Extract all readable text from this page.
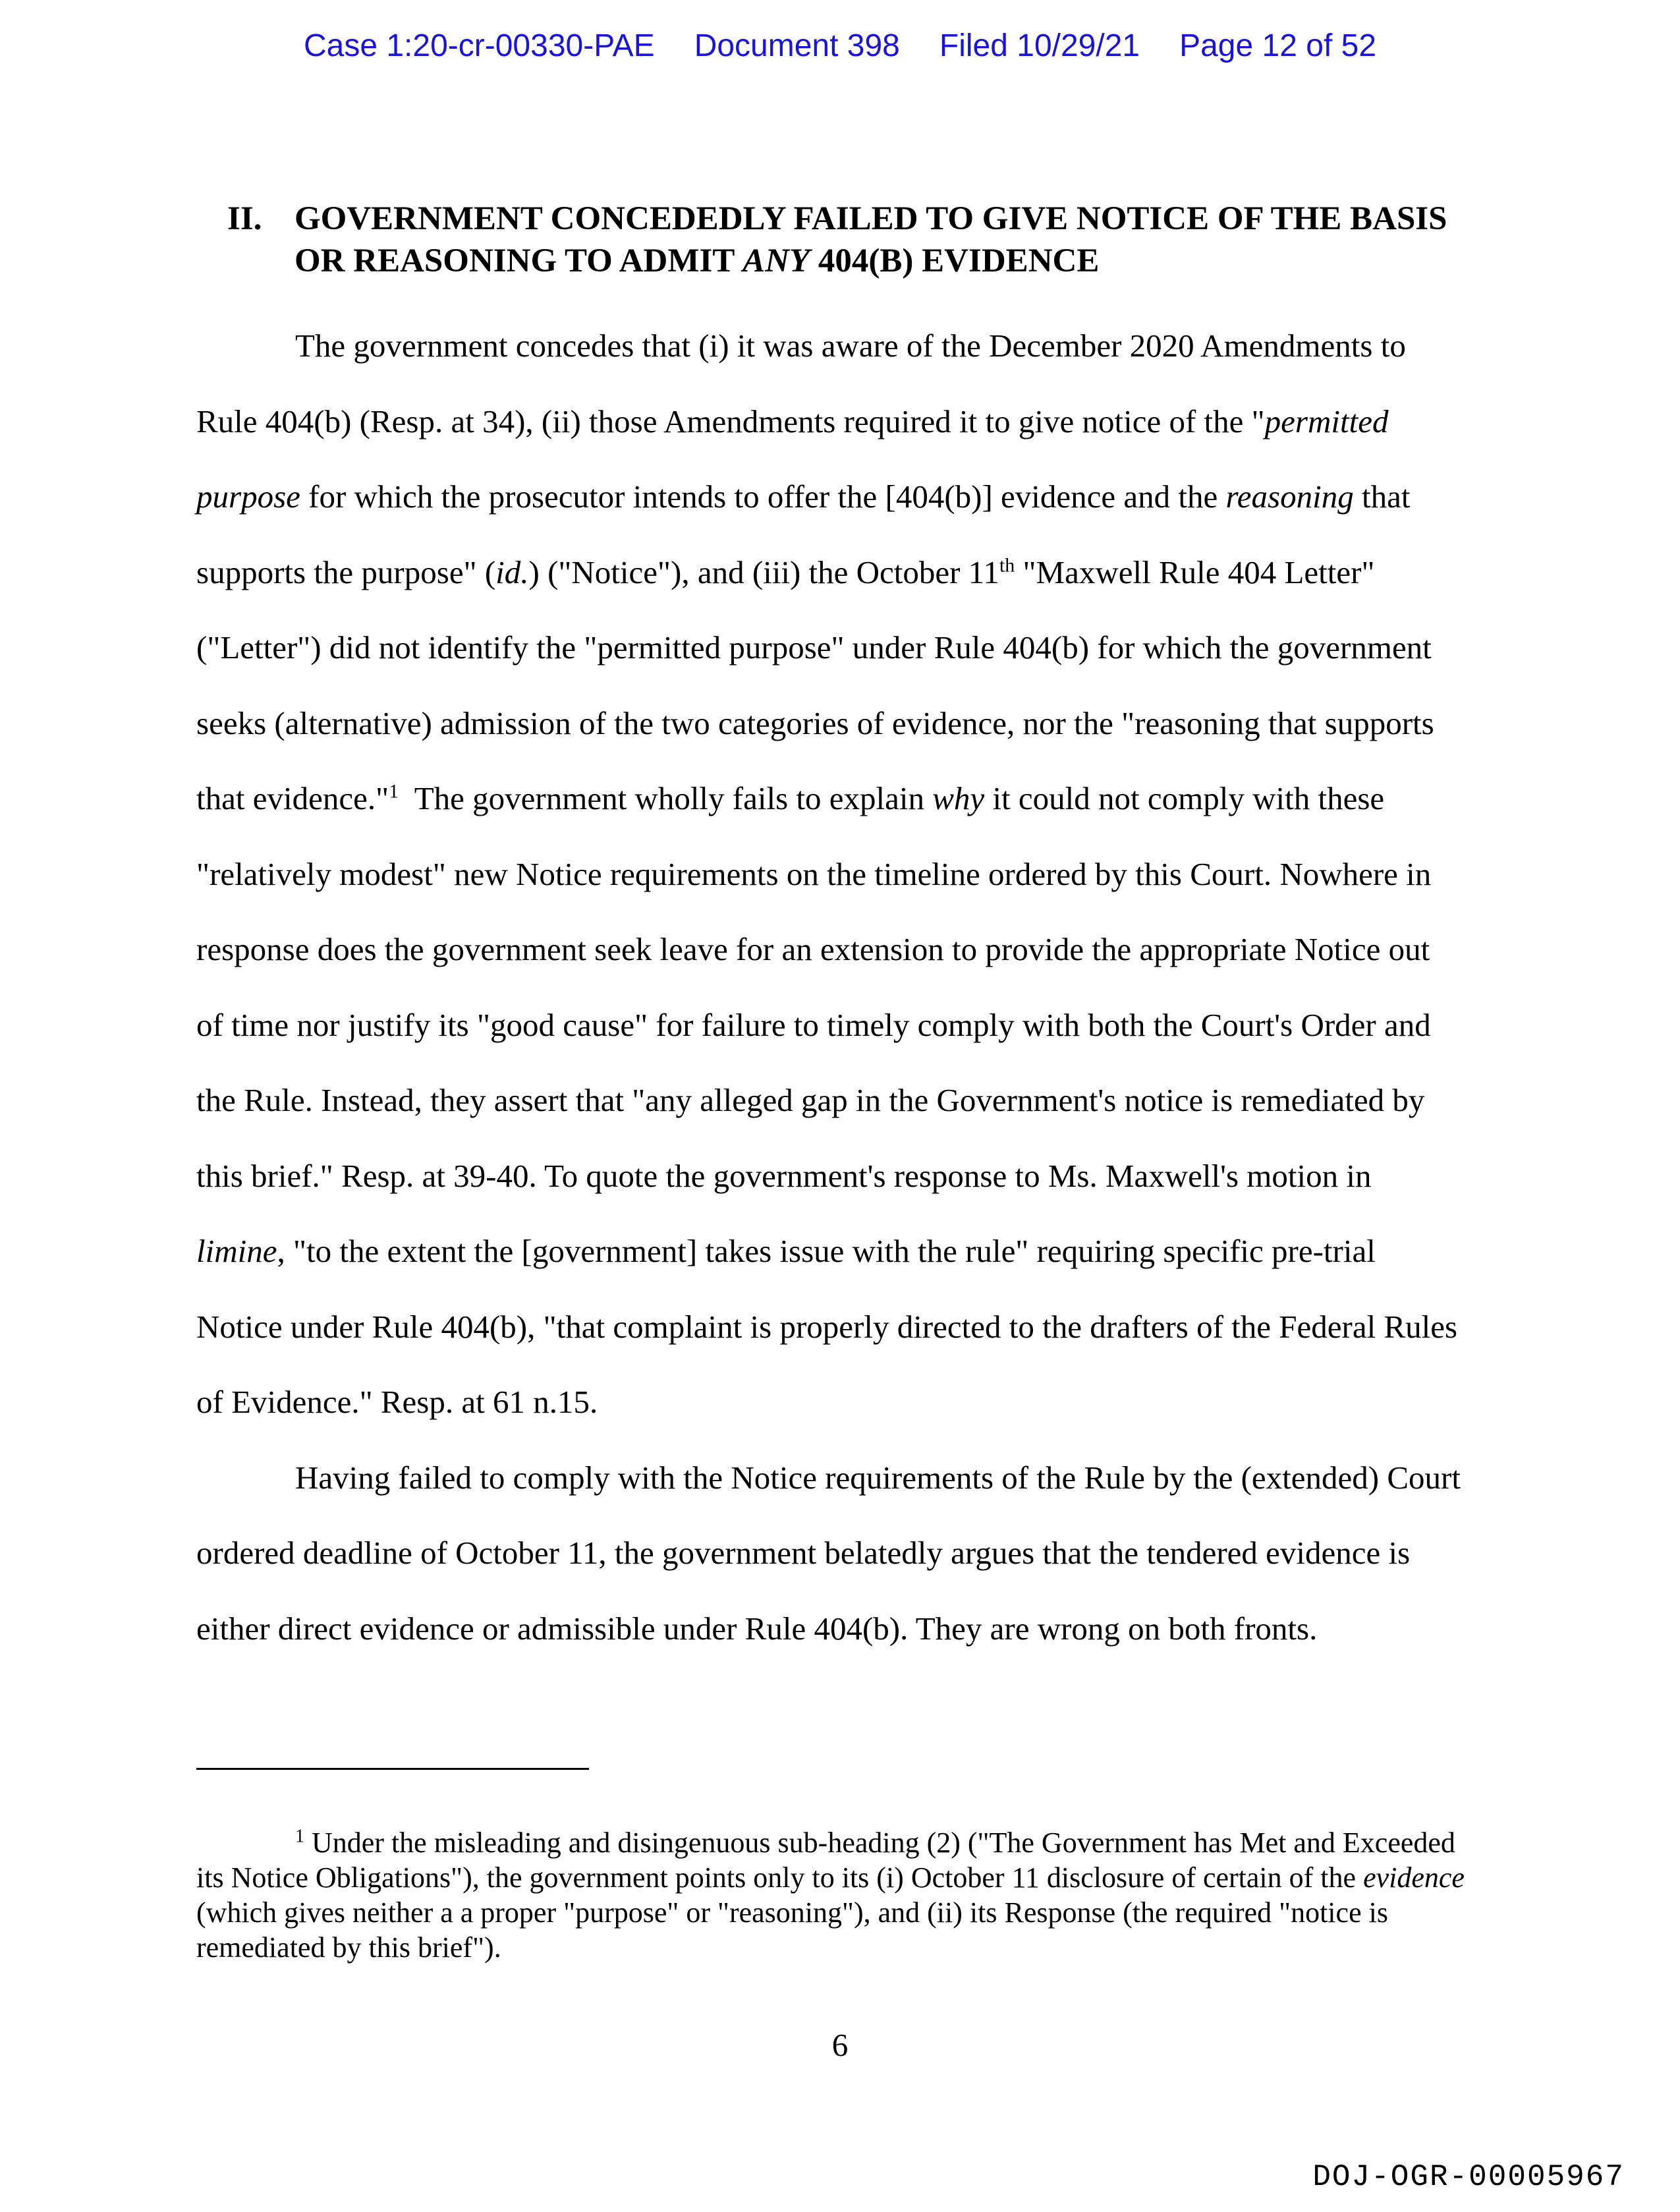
Case 1:20-cr-00330-PAE Document 398 Filed 10/29/21 Page 12 of 52
II. GOVERNMENT CONCEDEDLY FAILED TO GIVE NOTICE OF THE BASIS OR REASONING TO ADMIT ANY 404(B) EVIDENCE

The government concedes that (i) it was aware of the December 2020 Amendments to Rule 404(b) (Resp. at 34), (ii) those Amendments required it to give notice of the "permitted purpose for which the prosecutor intends to offer the [404(b)] evidence and the reasoning that supports the purpose" (id.) ("Notice"), and (iii) the October 11th "Maxwell Rule 404 Letter" ("Letter") did not identify the "permitted purpose" under Rule 404(b) for which the government seeks (alternative) admission of the two categories of evidence, nor the "reasoning that supports that evidence."$^1$  The government wholly fails to explain why it could not comply with these "relatively modest" new Notice requirements on the timeline ordered by this Court. Nowhere in response does the government seek leave for an extension to provide the appropriate Notice out of time nor justify its "good cause" for failure to timely comply with both the Court's Order and the Rule. Instead, they assert that "any alleged gap in the Government's notice is remediated by this brief." Resp. at 39-40. To quote the government's response to Ms. Maxwell's motion in limine, "to the extent the [government] takes issue with the rule" requiring specific pre-trial Notice under Rule 404(b), "that complaint is properly directed to the drafters of the Federal Rules of Evidence." Resp. at 61 n.15.

Having failed to comply with the Notice requirements of the Rule by the (extended) Court ordered deadline of October 11, the government belatedly argues that the tendered evidence is either direct evidence or admissible under Rule 404(b). They are wrong on both fronts.

$^1$ Under the misleading and disingenuous sub-heading (2) ("The Government has Met and Exceeded its Notice Obligations"), the government points only to its (i) October 11 disclosure of certain of the evidence (which gives neither a a proper "purpose" or "reasoning"), and (ii) its Response (the required "notice is remediated by this brief").
6
DOJ-OGR-00005967
